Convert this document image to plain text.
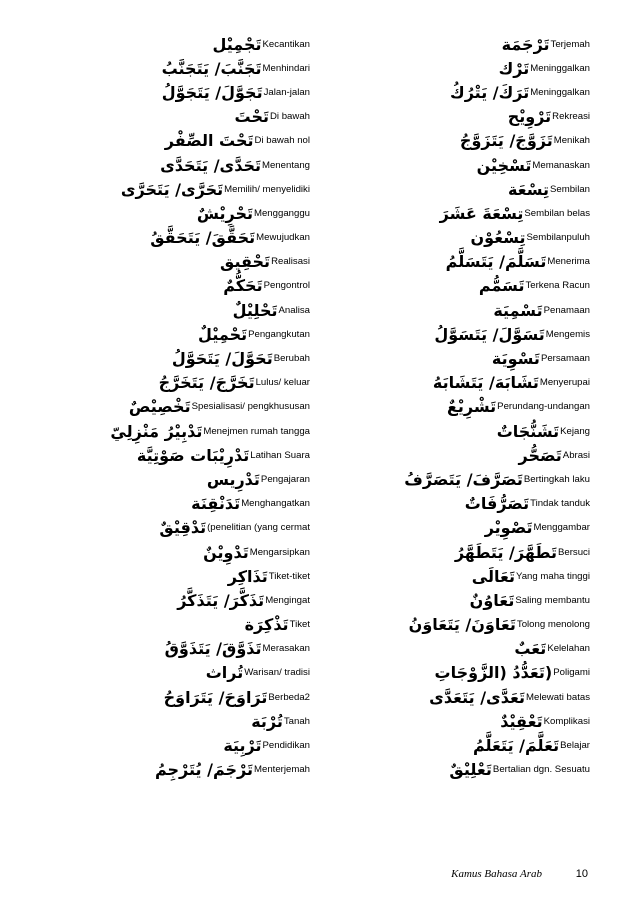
تَجْمِيْل Kecantikan
تَجَنَّبَ/ يَتَجَنَّبُ Menhindari
تَجَوَّلَ/ يَتَجَوَّلُ Jalan-jalan
تَحْتَ Di bawah
تَحْتَ الصِّفْر Di bawah nol
تَحَدَّى/ يَتَحَدَّى Menentang
تَحَرَّى/ يَتَحَرَّى Memilih/ menyelidiki
تَحْرِيْشٌ Mengganggu
تَحَقَّقَ/ يَتَحَقَّقُ Mewujudkan
تَحْقِيق Realisasi
تَحَكُّمٌ Pengontrol
تَحْلِيْلٌ Analisa
تَحْمِيْلٌ Pengangkutan
تَحَوَّلَ/ يَتَحَوَّلُ Berubah
تَخَرَّجَ/ يَتَخَرَّجُ Lulus/ keluar
تَخْصِيْصٌ Spesialisasi/ pengkhususan
تَدْبِيْرُ مَنْزِلِيّ Menejmen rumah tangga
تَدْرِيْبَات صَوْتِيَّة Latihan Suara
تَدْرِيس Pengajaran
تَدَنْقِنَة Menghangatkan
تَدْقِيْقٌ (penelitian (yang cermat
تَدْوِيْنٌ Mengarsipkan
تَذَاكِر Tiket-tiket
تَذَكَّرَ/ يَتَذَكَّرُ Mengingat
تَذْكِرَة Tiket
تَذَوَّقَ/ يَتَذَوَّقُ Merasakan
تُراث Warisan/ tradisi
تَرَاوَحَ/ يَتَرَاوَحُ Berbeda2
تُرْبَة Tanah
تَرْبِيَة Pendidikan
تَرْجَمَ/ يُتَرْجِمُ Menterjemah
تَرْجَمَة Terjemah
تَرْك Meninggalkan
تَرَكَ/ يَتْرُكُ Meninggalkan
تَرْوِيْح Rekreasi
تَزَوَّجَ/ يَتَزَوَّجُ Menikah
تَسْخِيْن Memanaskan
تِسْعَة Sembilan
تِسْعَةَ عَشَرَ Sembilan belas
تِسْعُوْن Sembilanpuluh
تَسَلَّمَ/ يَتَسَلَّمُ Menerima
تَسَمُّم Terkena Racun
تَسْمِيَة Penamaan
تَسَوَّلَ/ يَتَسَوَّلُ Mengemis
تَسْوِيَة Persamaan
تَشَابَهَ/ يَتَشَابَهُ Menyerupai
تَشْرِيْعٌ Perundang-undangan
تَشَنُّجَاتٌ Kejang
تَصَحُّر Abrasi
تَصَرَّفَ/ يَتَصَرَّفُ Bertingkah laku
تَصَرُّفَاتٌ Tindak tanduk
تَصْوِيْر Menggambar
تَطَهَّرَ/ يَتَطَهَّرُ Bersuci
تَعَالَى Yang maha tinggi
تَعَاوُنٌ Saling membantu
تَعَاوَنَ/ يَتَعَاوَنُ Tolong menolong
تَعَبٌ Kelelahan
(تَعَدُّدُ (الزَّوْجَاتِ Poligami
تَعَدَّى/ يَتَعَدَّى Melewati batas
تَعْقِيْدٌ Komplikasi
تَعَلَّمَ/ يَتَعَلَّمُ Belajar
تَعْلِيْقٌ Bertalian dgn. Sesuatu
Kamus Bahasa Arab	10
